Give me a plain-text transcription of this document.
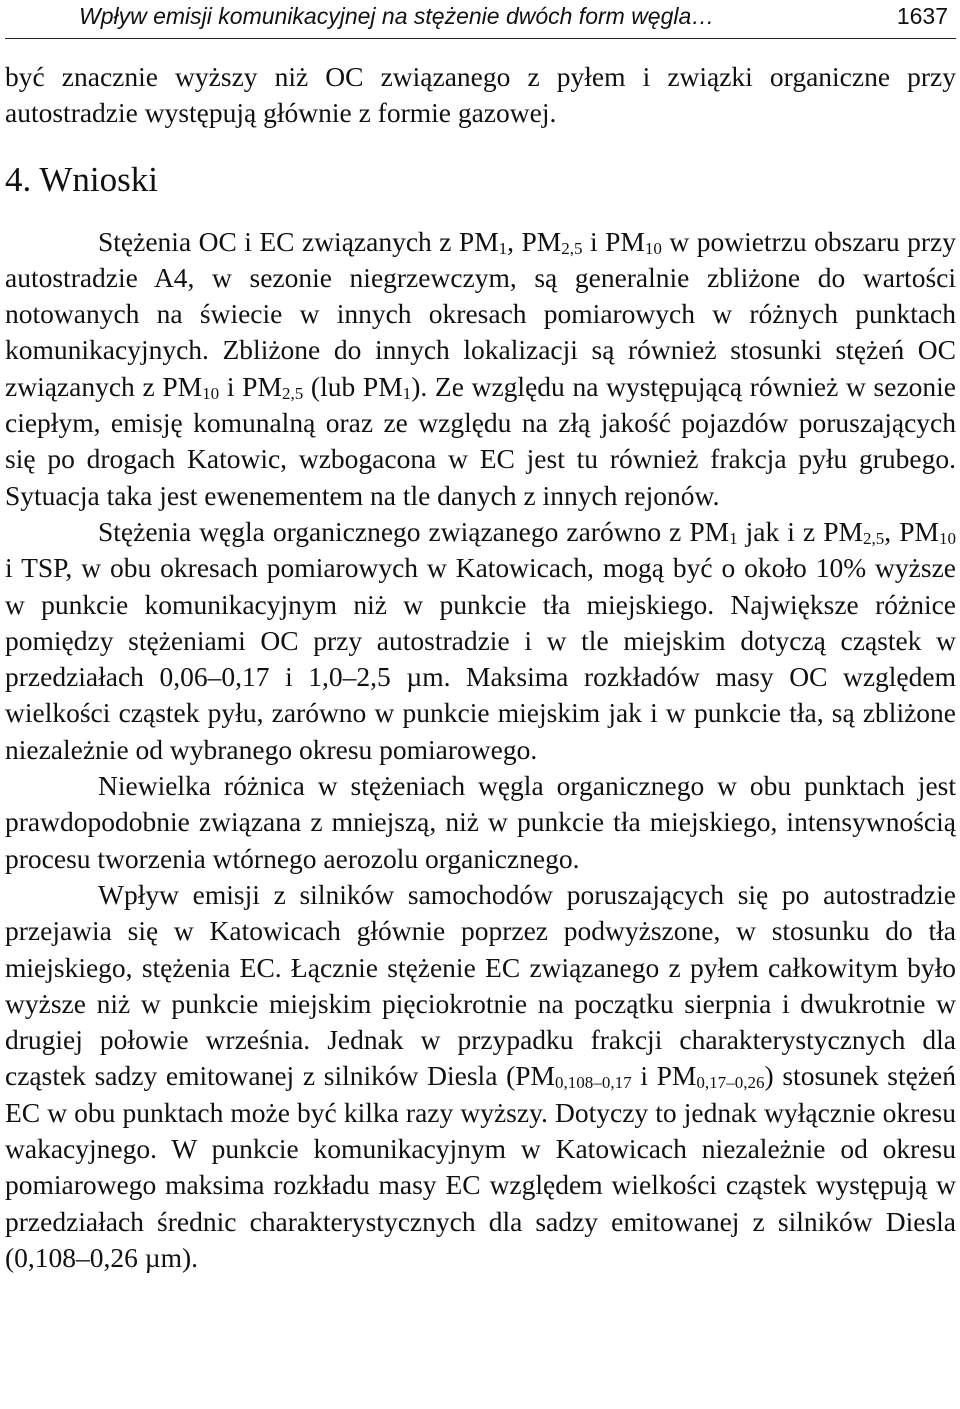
Wpływ emisji komunikacyjnej na stężenie dwóch form węgla…	1637

być znacznie wyższy niż OC związanego z pyłem i związki organiczne przy autostradzie występują głównie z formie gazowej.

4. Wnioski

Stężenia OC i EC związanych z $PM_1$, $PM_{2,5}$ i $PM_{10}$ w powietrzu obszaru przy autostradzie A4, w sezonie niegrzewczym, są generalnie zbliżone do wartości notowanych na świecie w innych okresach pomiarowych w różnych punktach komunikacyjnych. Zbliżone do innych lokalizacji są również stosunki stężeń OC związanych z $PM_{10}$ i $PM_{2,5}$ (lub $PM_1$). Ze względu na występującą również w sezonie ciepłym, emisję komunalną oraz ze względu na złą jakość pojazdów poruszających się po drogach Katowic, wzbogacona w EC jest tu również frakcja pyłu grubego. Sytuacja taka jest ewenementem na tle danych z innych rejonów.

Stężenia węgla organicznego związanego zarówno z $PM_1$ jak i z $PM_{2,5}$, $PM_{10}$ i TSP, w obu okresach pomiarowych w Katowicach, mogą być o około 10% wyższe w punkcie komunikacyjnym niż w punkcie tła miejskiego. Największe różnice pomiędzy stężeniami OC przy autostradzie i w tle miejskim dotyczą cząstek w przedziałach 0,06–0,17 i 1,0–2,5 µm. Maksima rozkładów masy OC względem wielkości cząstek pyłu, zarówno w punkcie miejskim jak i w punkcie tła, są zbliżone niezależnie od wybranego okresu pomiarowego.

Niewielka różnica w stężeniach węgla organicznego w obu punktach jest prawdopodobnie związana z mniejszą, niż w punkcie tła miejskiego, intensywnością procesu tworzenia wtórnego aerozolu organicznego.

Wpływ emisji z silników samochodów poruszających się po autostradzie przejawia się w Katowicach głównie poprzez podwyższone, w stosunku do tła miejskiego, stężenia EC. Łącznie stężenie EC związanego z pyłem całkowitym było wyższe niż w punkcie miejskim pięciokrotnie na początku sierpnia i dwukrotnie w drugiej połowie września. Jednak w przypadku frakcji charakterystycznych dla cząstek sadzy emitowanej z silników Diesla ($PM_{0,108-0,17}$ i $PM_{0,17-0,26}$) stosunek stężeń EC w obu punktach może być kilka razy wyższy. Dotyczy to jednak wyłącznie okresu wakacyjnego. W punkcie komunikacyjnym w Katowicach niezależnie od okresu pomiarowego maksima rozkładu masy EC względem wielkości cząstek występują w przedziałach średnic charakterystycznych dla sadzy emitowanej z silników Diesla (0,108–0,26 µm).
